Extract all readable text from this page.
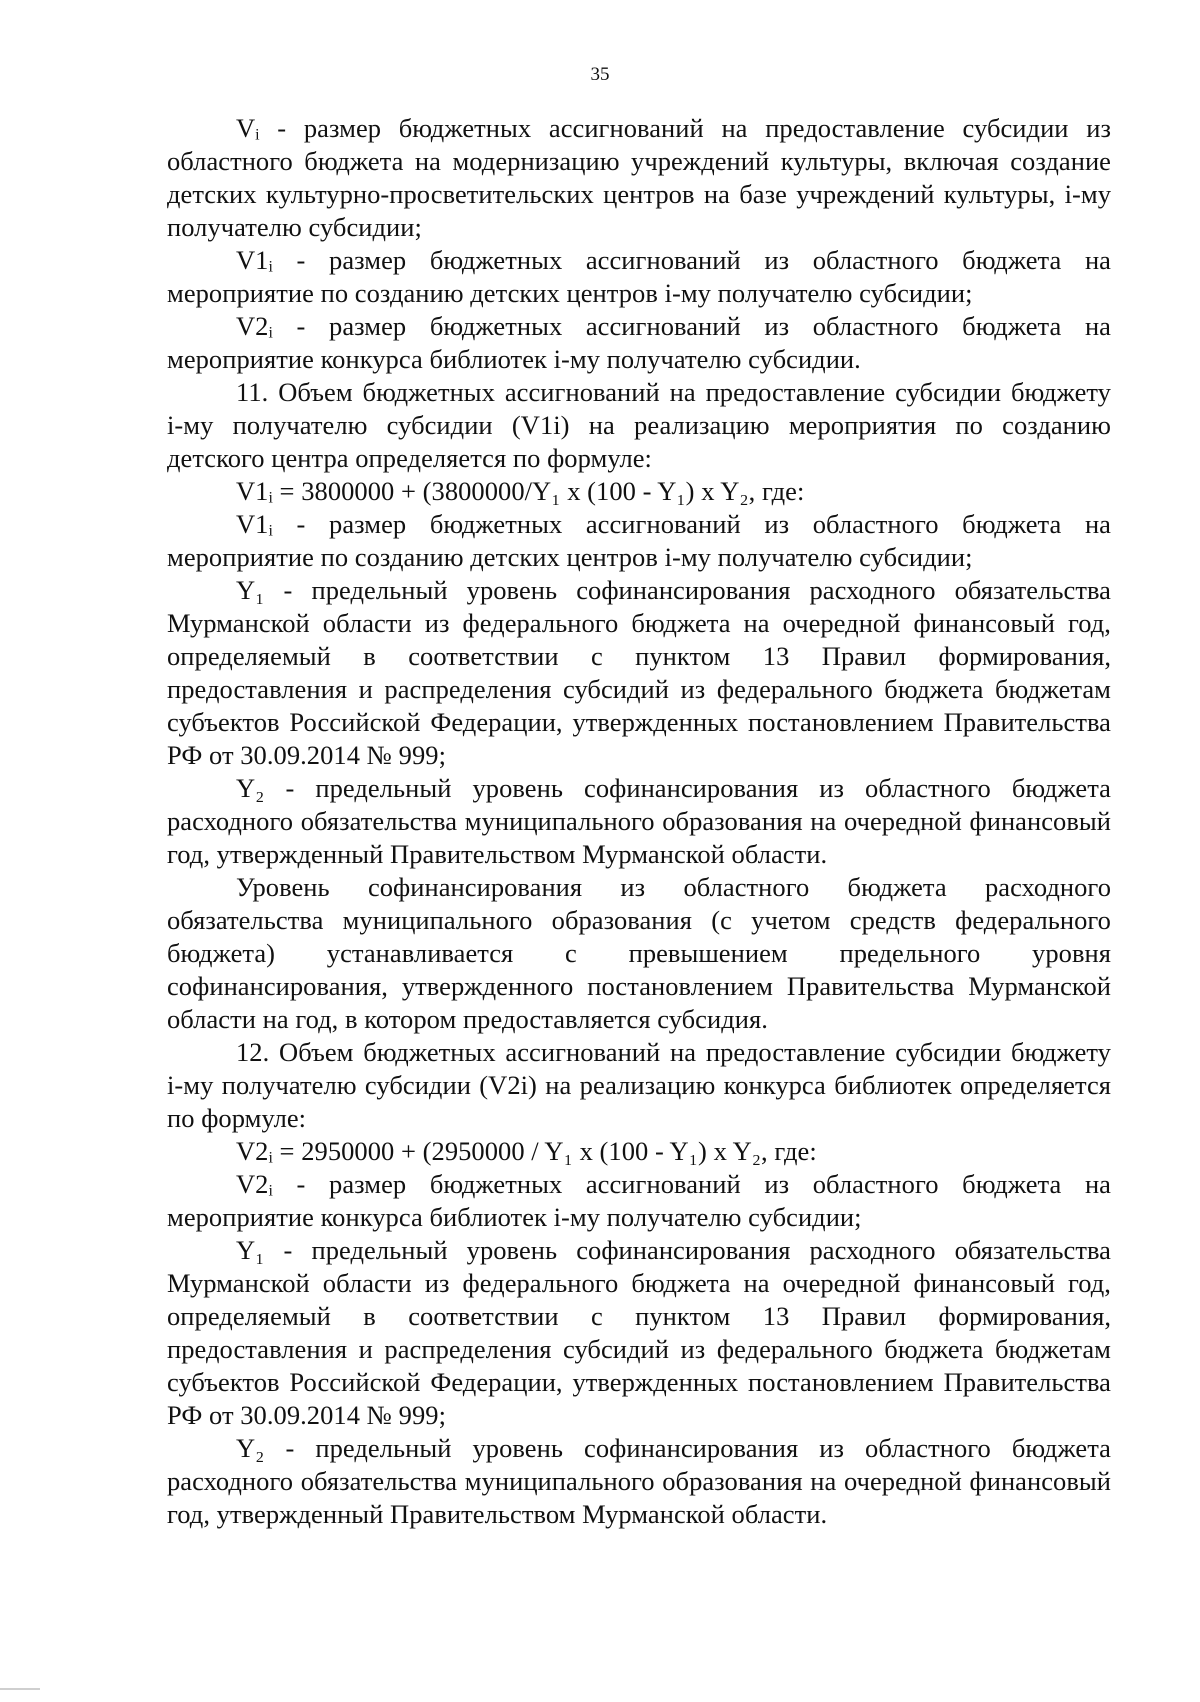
35

Vᵢ - размер бюджетных ассигнований на предоставление субсидии из областного бюджета на модернизацию учреждений культуры, включая создание детских культурно-просветительских центров на базе учреждений культуры, i-му получателю субсидии;

V1ᵢ - размер бюджетных ассигнований из областного бюджета на мероприятие по созданию детских центров i-му получателю субсидии;

V2ᵢ - размер бюджетных ассигнований из областного бюджета на мероприятие конкурса библиотек i-му получателю субсидии.

11. Объем бюджетных ассигнований на предоставление субсидии бюджету i-му получателю субсидии (V1i) на реализацию мероприятия по созданию детского центра определяется по формуле:

V1ᵢ = 3800000 + (3800000/Y₁ x (100 - Y₁) x Y₂, где:

V1ᵢ - размер бюджетных ассигнований из областного бюджета на мероприятие по созданию детских центров i-му получателю субсидии;

Y₁ - предельный уровень софинансирования расходного обязательства Мурманской области из федерального бюджета на очередной финансовый год, определяемый в соответствии с пунктом 13 Правил формирования, предоставления и распределения субсидий из федерального бюджета бюджетам субъектов Российской Федерации, утвержденных постановлением Правительства РФ от 30.09.2014 № 999;

Y₂ - предельный уровень софинансирования из областного бюджета расходного обязательства муниципального образования на очередной финансовый год, утвержденный Правительством Мурманской области.

Уровень софинансирования из областного бюджета расходного обязательства муниципального образования (с учетом средств федерального бюджета) устанавливается с превышением предельного уровня софинансирования, утвержденного постановлением Правительства Мурманской области на год, в котором предоставляется субсидия.

12. Объем бюджетных ассигнований на предоставление субсидии бюджету i-му получателю субсидии (V2i) на реализацию конкурса библиотек определяется по формуле:

V2ᵢ = 2950000 + (2950000 / Y₁ x (100 - Y₁) x Y₂, где:

V2ᵢ - размер бюджетных ассигнований из областного бюджета на мероприятие конкурса библиотек i-му получателю субсидии;

Y₁ - предельный уровень софинансирования расходного обязательства Мурманской области из федерального бюджета на очередной финансовый год, определяемый в соответствии с пунктом 13 Правил формирования, предоставления и распределения субсидий из федерального бюджета бюджетам субъектов Российской Федерации, утвержденных постановлением Правительства РФ от 30.09.2014 № 999;

Y₂ - предельный уровень софинансирования из областного бюджета расходного обязательства муниципального образования на очередной финансовый год, утвержденный Правительством Мурманской области.
